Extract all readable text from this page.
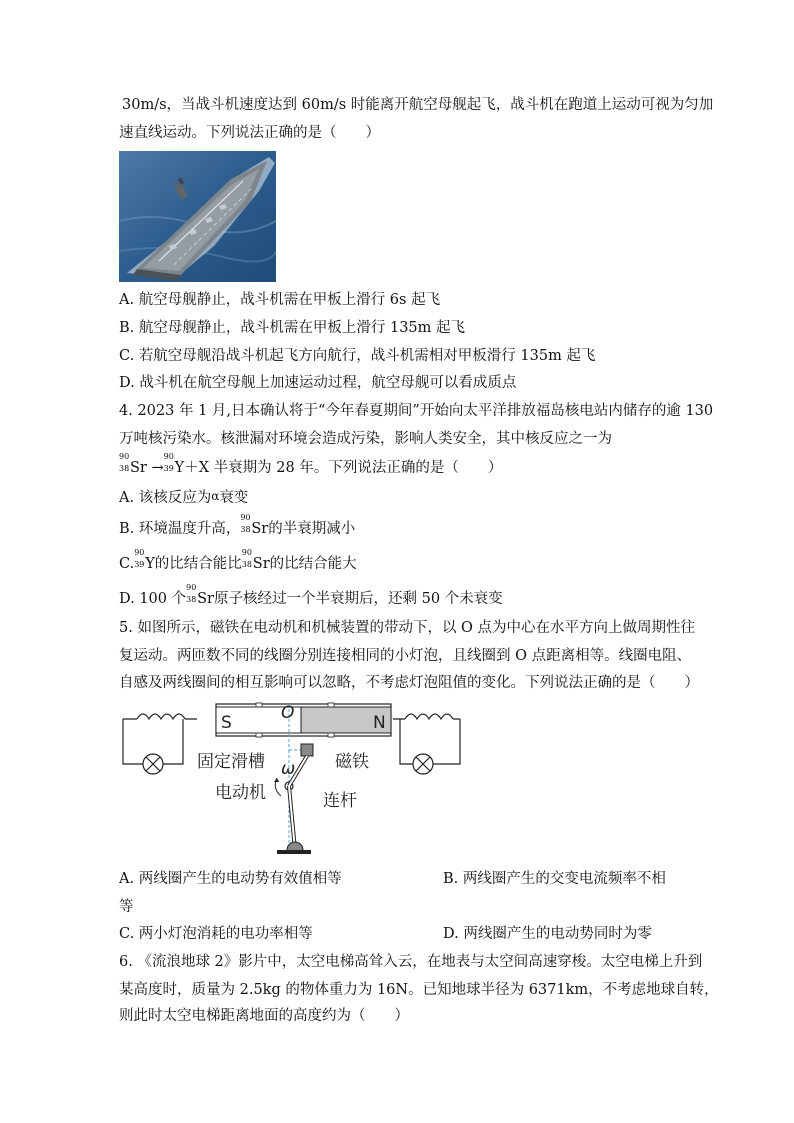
30m/s，当战斗机速度达到 60m/s 时能离开航空母舰起飞，战斗机在跑道上运动可视为匀加
速直线运动。下列说法正确的是（　　）
A. 航空母舰静止，战斗机需在甲板上滑行 6s 起飞
B. 航空母舰静止，战斗机需在甲板上滑行 135m 起飞
C. 若航空母舰沿战斗机起飞方向航行，战斗机需相对甲板滑行 135m 起飞
D. 战斗机在航空母舰上加速运动过程，航空母舰可以看成质点
4. 2023 年 1 月,日本确认将于“今年春夏期间”开始向太平洋排放福岛核电站内储存的逾 130
万吨核污染水。核泄漏对环境会造成污染，影响人类安全，其中核反应之一为
90
38 Sr →
90
39 Y＋X 半衰期为 28 年。下列说法正确的是（　　）
A. 该核反应为α衰变
B. 环境温度升高，
90
38 Sr的半衰期减小
C.
90
39 Y的比结合能比
90
38 Sr的比结合能大
D. 100 个
90
38 Sr原子核经过一个半衰期后，还剩 50 个未衰变
5. 如图所示，磁铁在电动机和机械装置的带动下，以 O 点为中心在水平方向上做周期性往
复运动。两匝数不同的线圈分别连接相同的小灯泡，且线圈到 O 点距离相等。线圈电阻、
自感及两线圈间的相互影响可以忽略，不考虑灯泡阻值的变化。下列说法正确的是（　　）
S	O	N
固定滑槽 ω 磁铁
电动机	连杆
A. 两线圈产生的电动势有效值相等	B. 两线圈产生的交变电流频率不相
等
C. 两小灯泡消耗的电功率相等	D. 两线圈产生的电动势同时为零
6. 《流浪地球 2》影片中，太空电梯高耸入云，在地表与太空间高速穿梭。太空电梯上升到
某高度时，质量为 2.5kg 的物体重力为 16N。已知地球半径为 6371km，不考虑地球自转，
则此时太空电梯距离地面的高度约为（　　）
